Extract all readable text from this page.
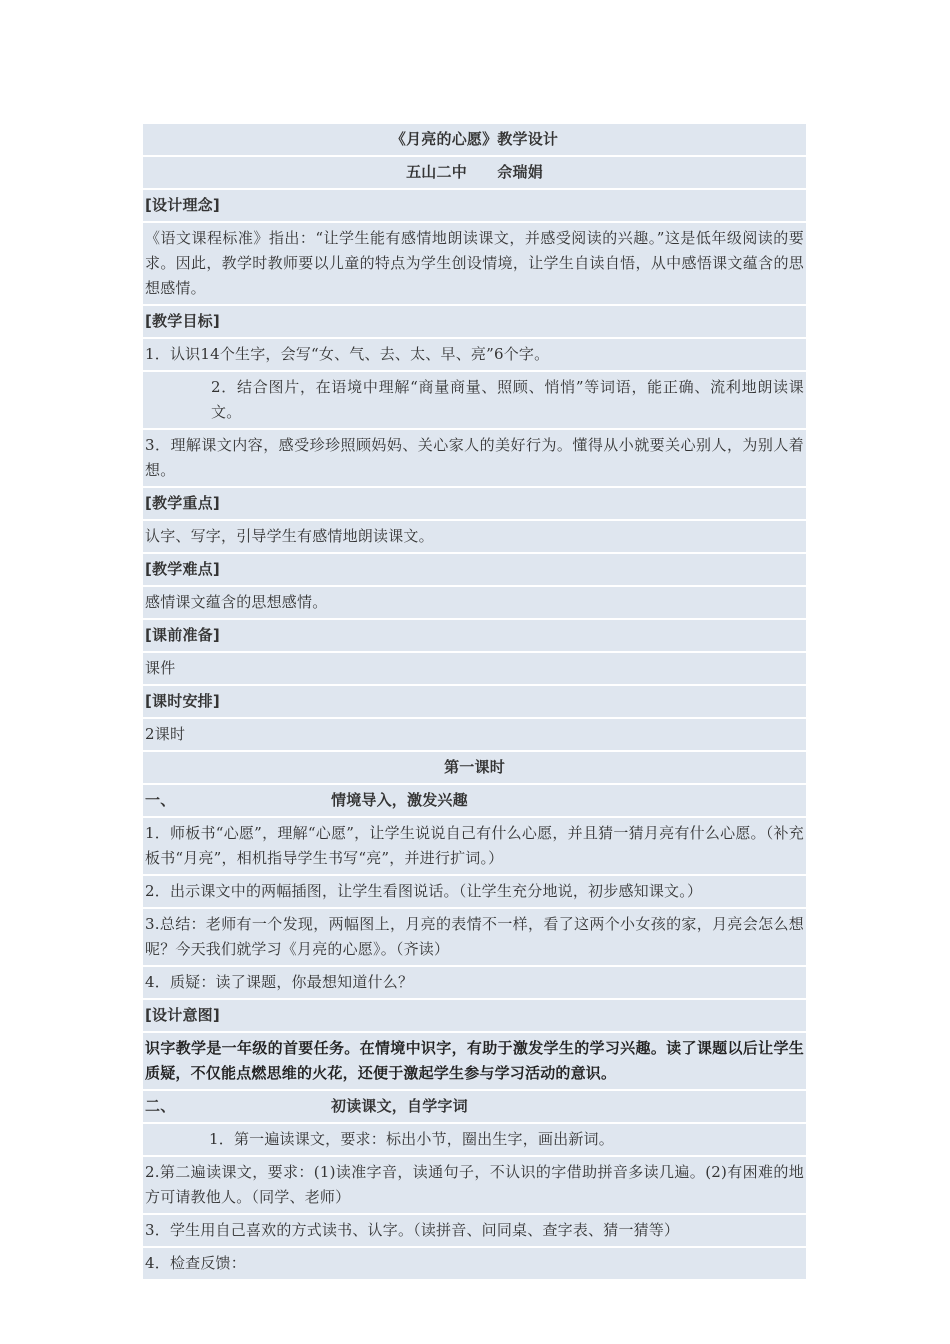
《月亮的心愿》教学设计
五山二中　　佘瑞娟
[设计理念]
《语文课程标准》指出：“让学生能有感情地朗读课文，并感受阅读的兴趣。”这是低年级阅读的要求。因此，教学时教师要以儿童的特点为学生创设情境，让学生自读自悟，从中感悟课文蕴含的思想感情。
[教学目标]
1．认识14个生字，会写“女、气、去、太、早、亮”6个字。
2．结合图片，在语境中理解“商量商量、照顾、悄悄”等词语，能正确、流利地朗读课文。
3．理解课文内容，感受珍珍照顾妈妈、关心家人的美好行为。懂得从小就要关心别人，为别人着想。
[教学重点]
认字、写字，引导学生有感情地朗读课文。
[教学难点]
感情课文蕴含的思想感情。
[课前准备]
课件
[课时安排]
2课时
第一课时
一、	情境导入，激发兴趣
1．师板书“心愿”，理解“心愿”，让学生说说自己有什么心愿，并且猜一猜月亮有什么心愿。（补充板书“月亮”，相机指导学生书写“亮”，并进行扩词。）
2．出示课文中的两幅插图，让学生看图说话。（让学生充分地说，初步感知课文。）
3.总结：老师有一个发现，两幅图上，月亮的表情不一样，看了这两个小女孩的家，月亮会怎么想呢？今天我们就学习《月亮的心愿》。（齐读）
4．质疑：读了课题，你最想知道什么？
[设计意图]
识字教学是一年级的首要任务。在情境中识字，有助于激发学生的学习兴趣。读了课题以后让学生质疑，不仅能点燃思维的火花，还便于激起学生参与学习活动的意识。
二、	初读课文，自学字词
1．第一遍读课文，要求：标出小节，圈出生字，画出新词。
2.第二遍读课文，要求：(1)读准字音，读通句子，不认识的字借助拼音多读几遍。(2)有困难的地方可请教他人。（同学、老师）
3．学生用自己喜欢的方式读书、认字。（读拼音、问同桌、查字表、猜一猜等）
4．检查反馈：
